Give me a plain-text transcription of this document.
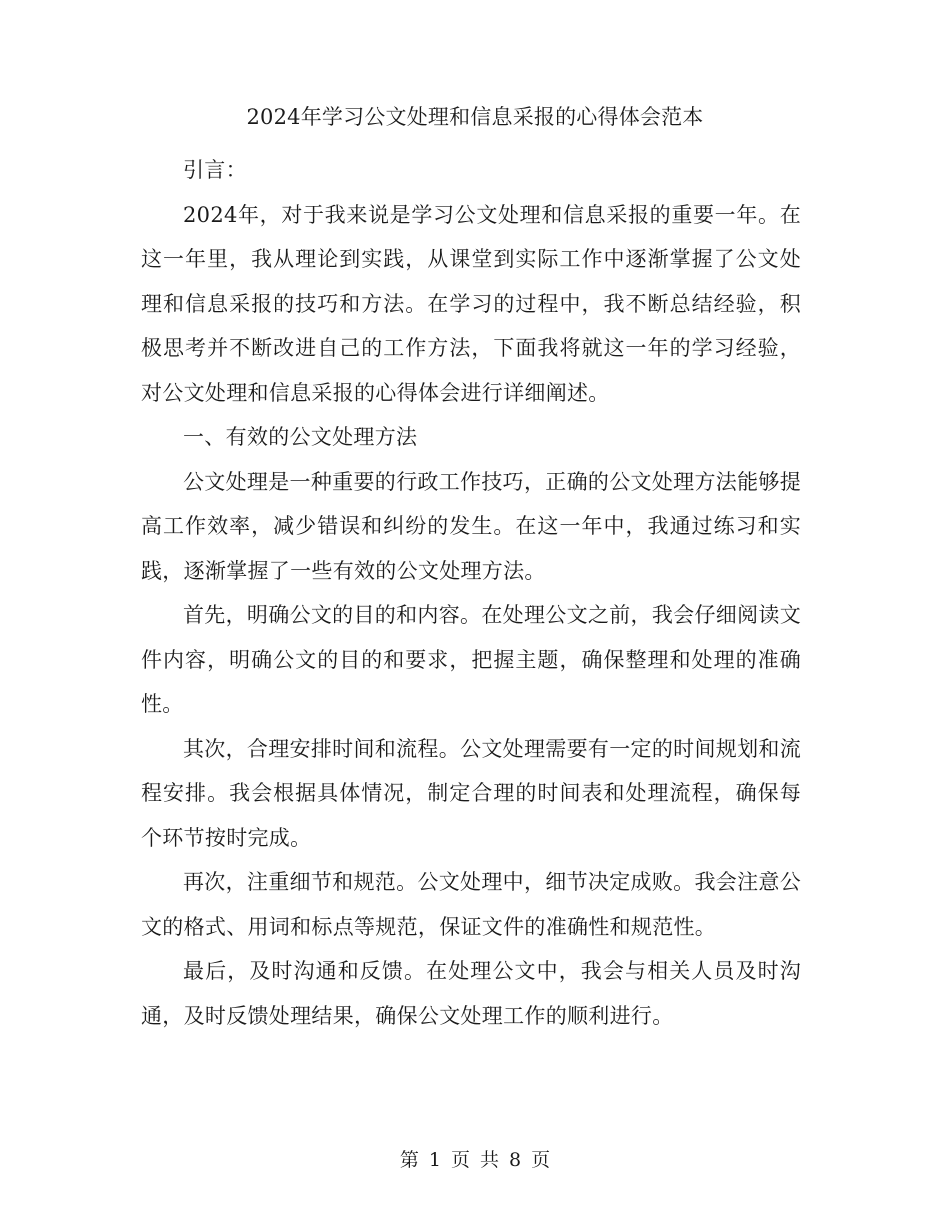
2024年学习公文处理和信息采报的心得体会范本

引言：

2024年，对于我来说是学习公文处理和信息采报的重要一年。在这一年里，我从理论到实践，从课堂到实际工作中逐渐掌握了公文处理和信息采报的技巧和方法。在学习的过程中，我不断总结经验，积极思考并不断改进自己的工作方法，下面我将就这一年的学习经验，对公文处理和信息采报的心得体会进行详细阐述。

一、有效的公文处理方法

公文处理是一种重要的行政工作技巧，正确的公文处理方法能够提高工作效率，减少错误和纠纷的发生。在这一年中，我通过练习和实践，逐渐掌握了一些有效的公文处理方法。

首先，明确公文的目的和内容。在处理公文之前，我会仔细阅读文件内容，明确公文的目的和要求，把握主题，确保整理和处理的准确性。

其次，合理安排时间和流程。公文处理需要有一定的时间规划和流程安排。我会根据具体情况，制定合理的时间表和处理流程，确保每个环节按时完成。

再次，注重细节和规范。公文处理中，细节决定成败。我会注意公文的格式、用词和标点等规范，保证文件的准确性和规范性。

最后，及时沟通和反馈。在处理公文中，我会与相关人员及时沟通，及时反馈处理结果，确保公文处理工作的顺利进行。

第 1 页 共 8 页
